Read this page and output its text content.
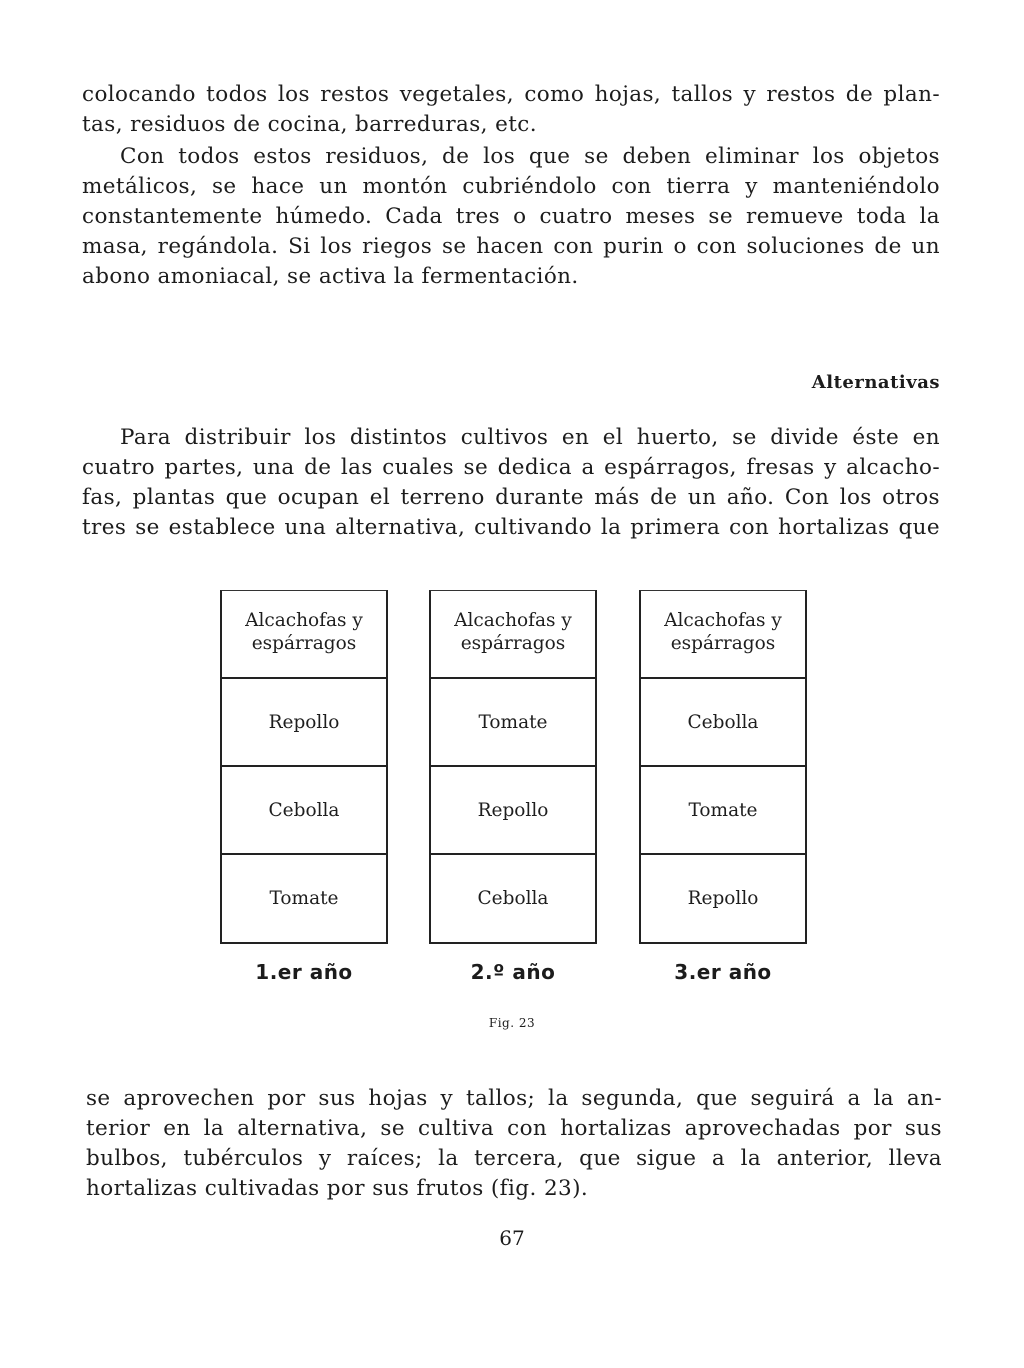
colocando todos los restos vegetales, como hojas, tallos y restos de plan-
tas, residuos de cocina, barreduras, etc.
Con todos estos residuos, de los que se deben eliminar los objetos
metálicos, se hace un montón cubriéndolo con tierra y manteniéndolo
constantemente húmedo. Cada tres o cuatro meses se remueve toda la
masa, regándola. Si los riegos se hacen con purin o con soluciones de un
abono amoniacal, se activa la fermentación.
Alternativas
Para distribuir los distintos cultivos en el huerto, se divide éste en
cuatro partes, una de las cuales se dedica a espárragos, fresas y alcacho-
fas, plantas que ocupan el terreno durante más de un año. Con los otros
tres se establece una alternativa, cultivando la primera con hortalizas que
Alcachofas y espárragos
Repollo
Cebolla
Tomate
Alcachofas y espárragos
Tomate
Repollo
Cebolla
Alcachofas y espárragos
Cebolla
Tomate
Repollo
1.er año	2.º año	3.er año
Fig. 23
se aprovechen por sus hojas y tallos; la segunda, que seguirá a la an-
terior en la alternativa, se cultiva con hortalizas aprovechadas por sus
bulbos, tubérculos y raíces; la tercera, que sigue a la anterior, lleva
hortalizas cultivadas por sus frutos (fig. 23).
67
